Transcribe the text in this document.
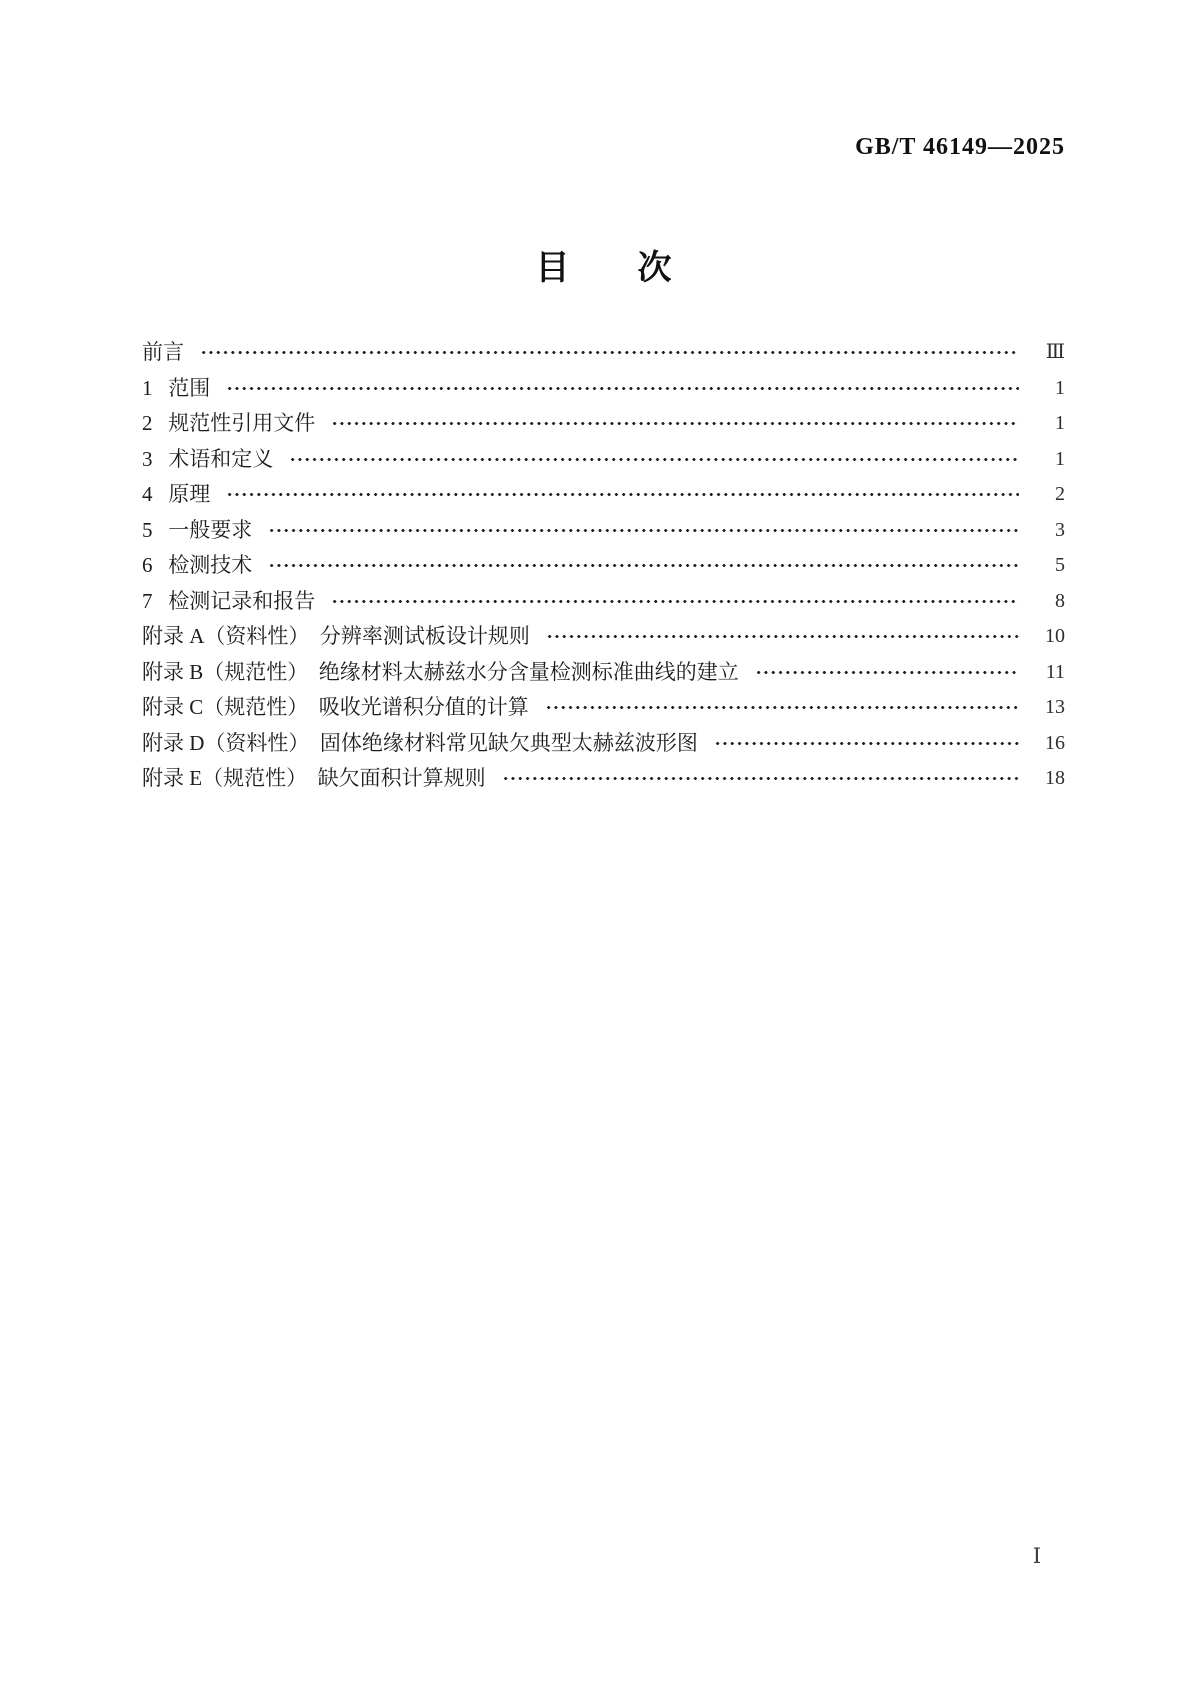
GB/T 46149—2025
目　　次
前言	Ⅲ
1   范围	1
2   规范性引用文件	1
3   术语和定义	1
4   原理	2
5   一般要求	3
6   检测技术	5
7   检测记录和报告	8
附录 A（资料性）  分辨率测试板设计规则	10
附录 B（规范性）  绝缘材料太赫兹水分含量检测标准曲线的建立	11
附录 C（规范性）  吸收光谱积分值的计算	13
附录 D（资料性）  固体绝缘材料常见缺欠典型太赫兹波形图	16
附录 E（规范性）  缺欠面积计算规则	18
Ⅰ
